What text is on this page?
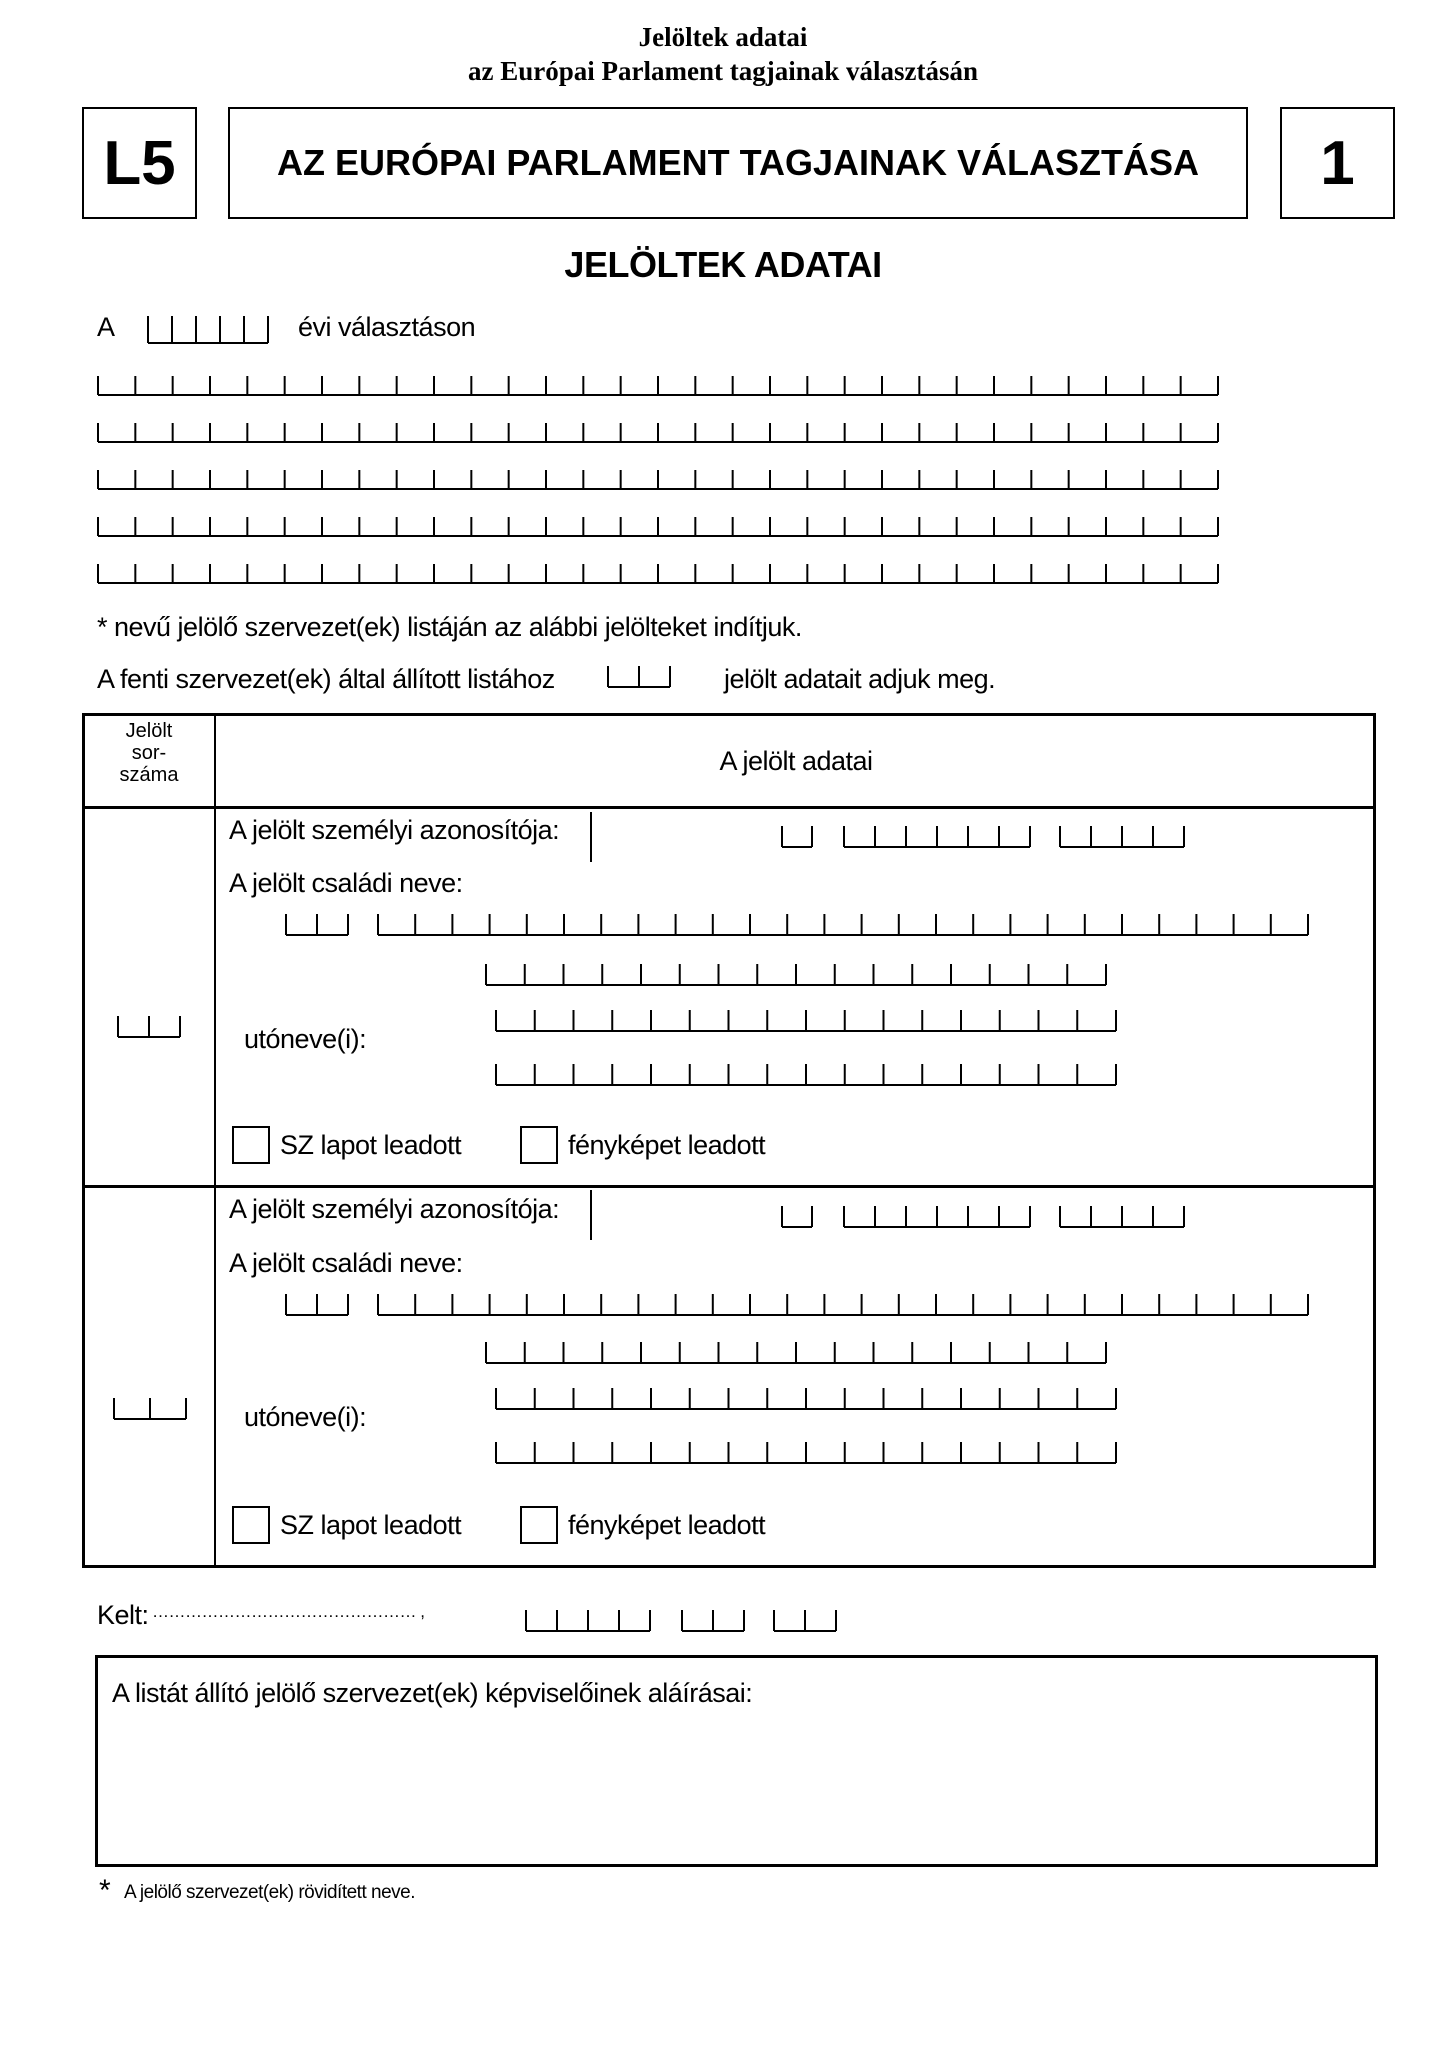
Jelöltek adatai
az Európai Parlament tagjainak választásán
L5	AZ EURÓPAI PARLAMENT TAGJAINAK VÁLASZTÁSA	1
JELÖLTEK ADATAI
A	évi választáson
* nevű jelölő szervezet(ek) listáján az alábbi jelölteket indítjuk.
A fenti szervezet(ek) által állított listához	jelölt adatait adjuk meg.
Jelölt
sor-
száma	A jelölt adatai
A jelölt személyi azonosítója:
A jelölt családi neve:
utóneve(i):
SZ lapot leadott	fényképet leadott
A jelölt személyi azonosítója:
A jelölt családi neve:
utóneve(i):
SZ lapot leadott	fényképet leadott
Kelt: ………………………………………… ,
A listát állító jelölő szervezet(ek) képviselőinek aláírásai:
* A jelölő szervezet(ek) rövidített neve.
